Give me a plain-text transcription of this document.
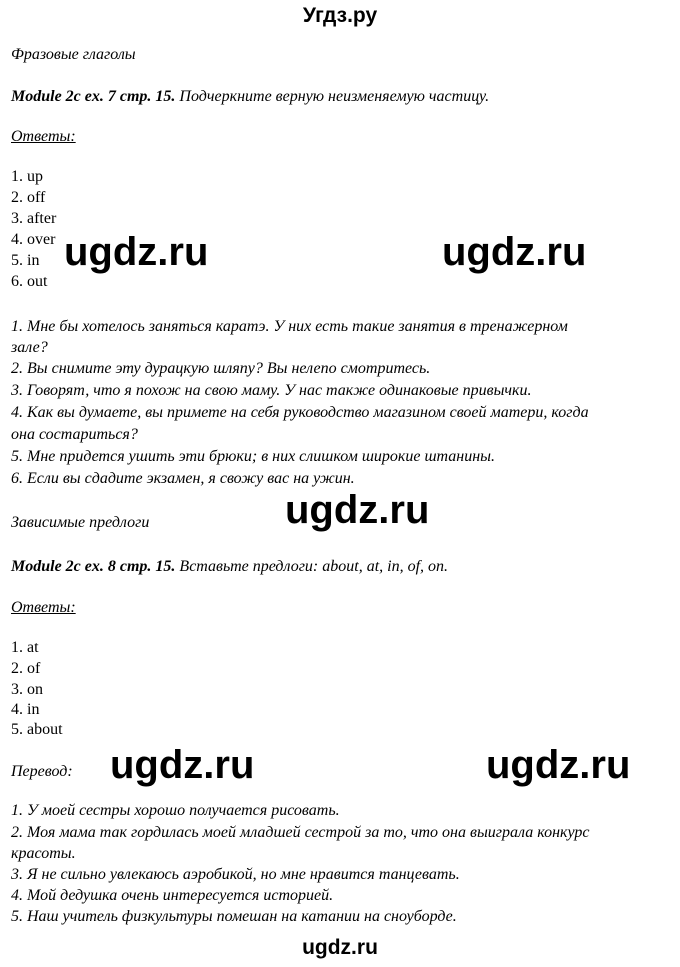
Угдз.ру
Фразовые глаголы
Module 2c ex. 7 стр. 15. Подчеркните верную неизменяемую частицу.
Ответы:
1. up
2. off
3. after
4. over
5. in
6. out
1. Мне бы хотелось заняться каратэ. У них есть такие занятия в тренажерном
зале?
2. Вы снимите эту дурацкую шляпу? Вы нелепо смотритесь.
3. Говорят, что я похож на свою маму. У нас также одинаковые привычки.
4. Как вы думаете, вы примете на себя руководство магазином своей матери, когда
она состариться?
5. Мне придется ушить эти брюки; в них слишком широкие штанины.
6. Если вы сдадите экзамен, я свожу вас на ужин.
Зависимые предлоги
Module 2c ex. 8 стр. 15. Вставьте предлоги: about, at, in, of, on.
Ответы:
1. at
2. of
3. on
4. in
5. about
Перевод:
1. У моей сестры хорошо получается рисовать.
2. Моя мама так гордилась моей младшей сестрой за то, что она выиграла конкурс
красоты.
3. Я не сильно увлекаюсь аэробикой, но мне нравится танцевать.
4. Мой дедушка очень интересуется историей.
5. Наш учитель физкультуры помешан на катании на сноуборде.
ugdz.ru	ugdz.ru
ugdz.ru
ugdz.ru	ugdz.ru
ugdz.ru
